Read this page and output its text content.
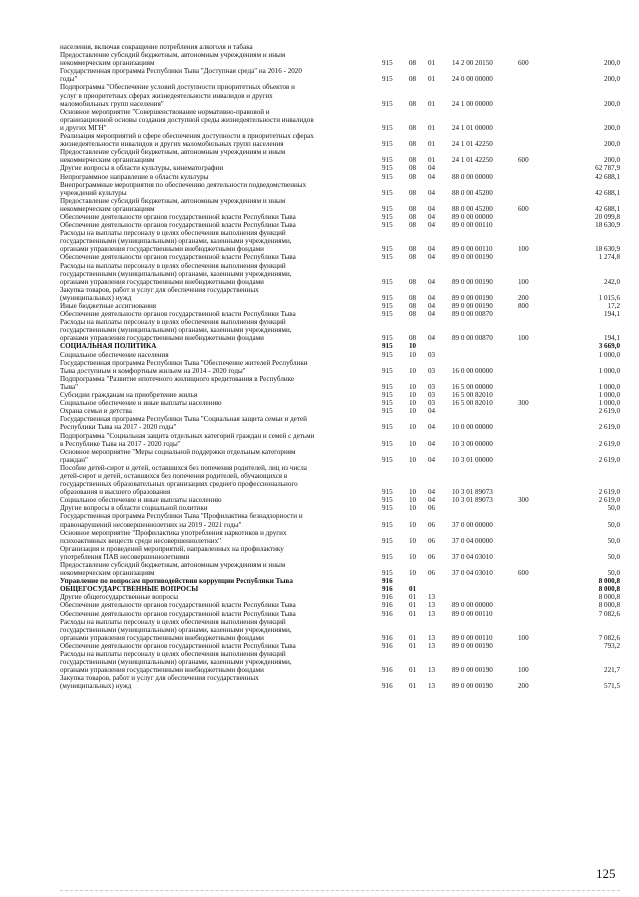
населения, включая сокращение потребления алкоголя и табака						
Предоставление субсидий бюджетным, автономным учреждениям и иным
некоммерческим организациям	915	08	01	14 2 00 20150	600	200,0
Государственная программа Республики Тыва "Доступная среда" на 2016 - 2020
годы"	915	08	01	24 0 00 00000		200,0
Подпрограмма "Обеспечение условий доступности приоритетных объектов и
услуг в приоритетных сферах жизнедеятельности инвалидов и других
маломобильных групп населения"	915	08	01	24 1 00 00000		200,0
Основное мероприятие "Совершенствование нормативно-правовой и
организационной основы создания доступной среды жизнедеятельности инвалидов
и других МГН"	915	08	01	24 1 01 00000		200,0
Реализация мероприятий в сфере обеспечения доступности в приоритетных сферах
жизнедеятельности инвалидов и других маломобильных групп населения	915	08	01	24 1 01 42250		200,0
Предоставление субсидий бюджетным, автономным учреждениям и иным
некоммерческим организациям	915	08	01	24 1 01 42250	600	200,0
Другие вопросы в области культуры, кинематографии	915	08	04			62 787,9
Непрограммное направление в области культуры	915	08	04	88 0 00 00000		42 688,1
Внепрограммные мероприятия по обеспечению деятельности подведомственных
учреждений культуры	915	08	04	88 0 00 45200		42 688,1
Предоставление субсидий бюджетным, автономным учреждениям и иным
некоммерческим организациям	915	08	04	88 0 00 45200	600	42 688,1
Обеспечение деятельности органов государственной власти Республики Тыва	915	08	04	89 0 00 00000		20 099,8
Обеспечение деятельности органов государственной власти Республики Тыва	915	08	04	89 0 00 00110		18 630,9
Расходы на выплаты персоналу в целях обеспечения выполнения функций
государственными (муниципальными) органами, казенными учреждениями,
органами управления государственными внебюджетными фондами	915	08	04	89 0 00 00110	100	18 630,9
Обеспечение деятельности органов государственной власти Республики Тыва	915	08	04	89 0 00 00190		1 274,8
Расходы на выплаты персоналу в целях обеспечения выполнения функций
государственными (муниципальными) органами, казенными учреждениями,
органами управления государственными внебюджетными фондами	915	08	04	89 0 00 00190	100	242,0
Закупка товаров, работ и услуг для обеспечения государственных
(муниципальных) нужд	915	08	04	89 0 00 00190	200	1 015,6
Иные бюджетные ассигнования	915	08	04	89 0 00 00190	800	17,2
Обеспечение деятельности органов государственной власти Республики Тыва	915	08	04	89 0 00 00870		194,1
Расходы на выплаты персоналу в целях обеспечения выполнения функций
государственными (муниципальными) органами, казенными учреждениями,
органами управления государственными внебюджетными фондами	915	08	04	89 0 00 00870	100	194,1
СОЦИАЛЬНАЯ ПОЛИТИКА	915	10				3 669,0
Социальное обеспечение населения	915	10	03			1 000,0
Государственная программа Республики Тыва "Обеспечение жителей Республики
Тыва доступным и комфортным жильем на 2014 - 2020 годы"	915	10	03	16 0 00 00000		1 000,0
Подпрограмма "Развитие ипотечного жилищного кредитования в Республике
Тыва"	915	10	03	16 5 00 00000		1 000,0
Субсидии гражданам на приобретение жилья	915	10	03	16 5 00 82010		1 000,0
Социальное обеспечение и иные выплаты населению	915	10	03	16 5 00 82010	300	1 000,0
Охрана семьи и детства	915	10	04			2 619,0
Государственная программа Республики Тыва "Социальная защита семьи и детей
Республики Тыва на 2017 - 2020 годы"	915	10	04	10 0 00 00000		2 619,0
Подпрограмма "Социальная защита отдельных категорий граждан и семей с детьми
в Республике Тыва на 2017 - 2020 годы"	915	10	04	10 3 00 00000		2 619,0
Основное мероприятие "Меры социальной поддержки отдельным категориям
граждан"	915	10	04	10 3 01 00000		2 619,0
Пособие детей-сирот и детей, оставшихся без попечения родителей, лиц из числа
детей-сирот и детей, оставшихся без попечения родителей, обучающихся в
государственных образовательных организациях среднего профессионального
образования и высшего образования	915	10	04	10 3 01 89073		2 619,0
Социальное обеспечение и иные выплаты населению	915	10	04	10 3 01 89073	300	2 619,0
Другие вопросы в области социальной политики	915	10	06			50,0
Государственная программа Республики Тыва "Профилактика безнадзорности и
правонарушений несовершеннолетних на 2019 - 2021 годы"	915	10	06	37 0 00 00000		50,0
Основное мероприятие "Профилактика употребления наркотиков и других
психоактивных веществ среди несовершеннолетних"	915	10	06	37 0 04 00000		50,0
Организация и проведений мероприятий, направленных на профилактику
употребления ПАВ несовершеннолетними	915	10	06	37 0 04 03010		50,0
Предоставление субсидий бюджетным, автономным учреждениям и иным
некоммерческим организациям	915	10	06	37 0 04 03010	600	50,0
Управление по вопросам противодействия коррупции Республики Тыва	916					8 000,8
ОБЩЕГОСУДАРСТВЕННЫЕ ВОПРОСЫ	916	01				8 000,8
Другие общегосударственные вопросы	916	01	13			8 000,8
Обеспечение деятельности органов государственной власти Республики Тыва	916	01	13	89 0 00 00000		8 000,8
Обеспечение деятельности органов государственной власти Республики Тыва	916	01	13	89 0 00 00110		7 082,6
Расходы на выплаты персоналу в целях обеспечения выполнения функций
государственными (муниципальными) органами, казенными учреждениями,
органами управления государственными внебюджетными фондами	916	01	13	89 0 00 00110	100	7 082,6
Обеспечение деятельности органов государственной власти Республики Тыва	916	01	13	89 0 00 00190		793,2
Расходы на выплаты персоналу в целях обеспечения выполнения функций
государственными (муниципальными) органами, казенными учреждениями,
органами управления государственными внебюджетными фондами	916	01	13	89 0 00 00190	100	221,7
Закупка товаров, работ и услуг для обеспечения государственных
(муниципальных) нужд	916	01	13	89 0 00 00190	200	571,5
125
